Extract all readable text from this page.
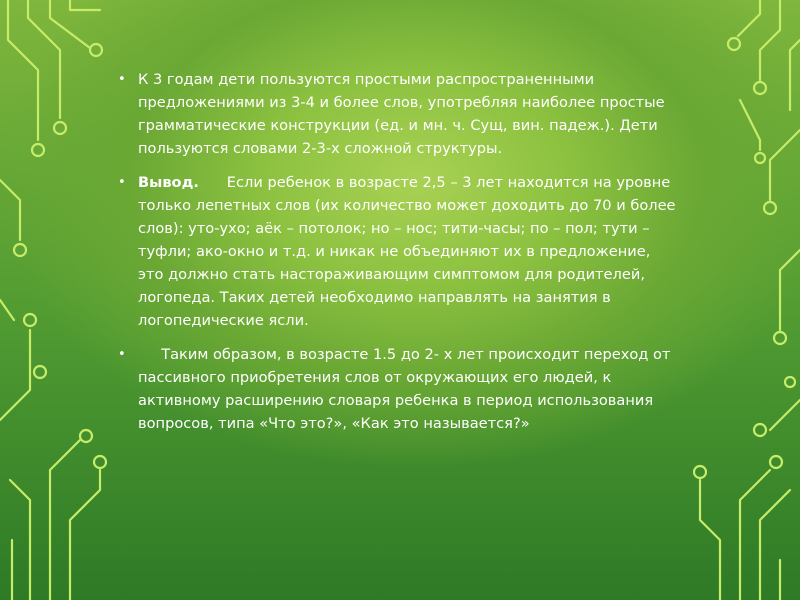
• К 3 годам дети пользуются простыми распространенными предложениями из 3-4 и более слов, употребляя наиболее простые грамматические конструкции (ед. и мн. ч. Сущ, вин. падеж.). Дети пользуются словами 2-3-х сложной структуры.
• Вывод.      Если ребенок в возрасте 2,5 – 3 лет находится на уровне только лепетных слов (их количество может доходить до 70 и более слов): уто-ухо; аёк – потолок; но – нос; тити-часы; по – пол; тути – туфли; ако-окно и т.д. и никак не объединяют их в предложение, это должно стать настораживающим симптомом для родителей, логопеда. Таких детей необходимо направлять на занятия в логопедические ясли.
• Таким образом, в возрасте 1.5 до 2- х лет происходит переход от пассивного приобретения слов от окружающих его людей, к активному расширению словаря ребенка в период использования вопросов, типа «Что это?», «Как это называется?»
